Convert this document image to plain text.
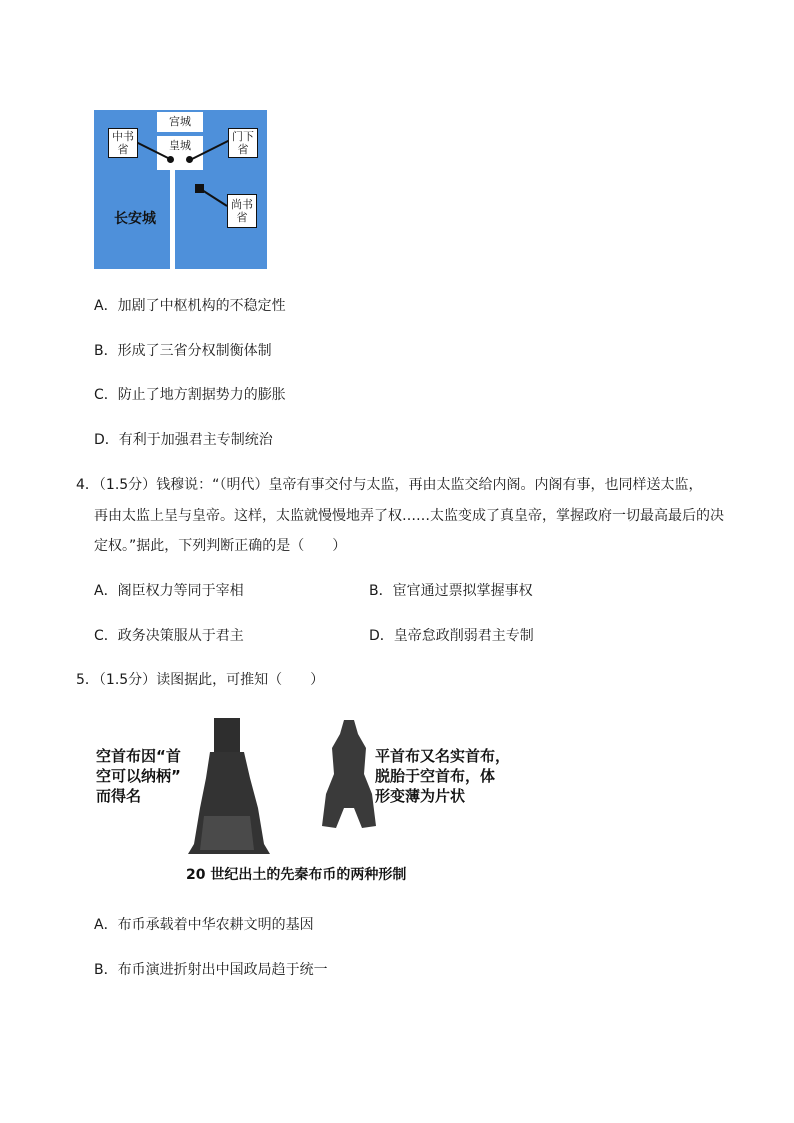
宫城
皇城
中书省
门下省
尚书省
长安城
A．加剧了中枢机构的不稳定性
B．形成了三省分权制衡体制
C．防止了地方割据势力的膨胀
D．有利于加强君主专制统治
4．（1.5分）钱穆说：“（明代）皇帝有事交付与太监，再由太监交给内阁。内阁有事，也同样送太监，
再由太监上呈与皇帝。这样，太监就慢慢地弄了权……太监变成了真皇帝，掌握政府一切最高最后的决
定权。”据此，下列判断正确的是（　　）
A．阁臣权力等同于宰相	B．宦官通过票拟掌握事权
C．政务决策服从于君主	D．皇帝怠政削弱君主专制
5．（1.5分）读图据此，可推知（　　）
空首布因“首
空可以纳柄”
而得名
平首布又名实首布，
脱胎于空首布，体
形变薄为片状
20 世纪出土的先秦布币的两种形制
A．布币承载着中华农耕文明的基因
B．布币演进折射出中国政局趋于统一
